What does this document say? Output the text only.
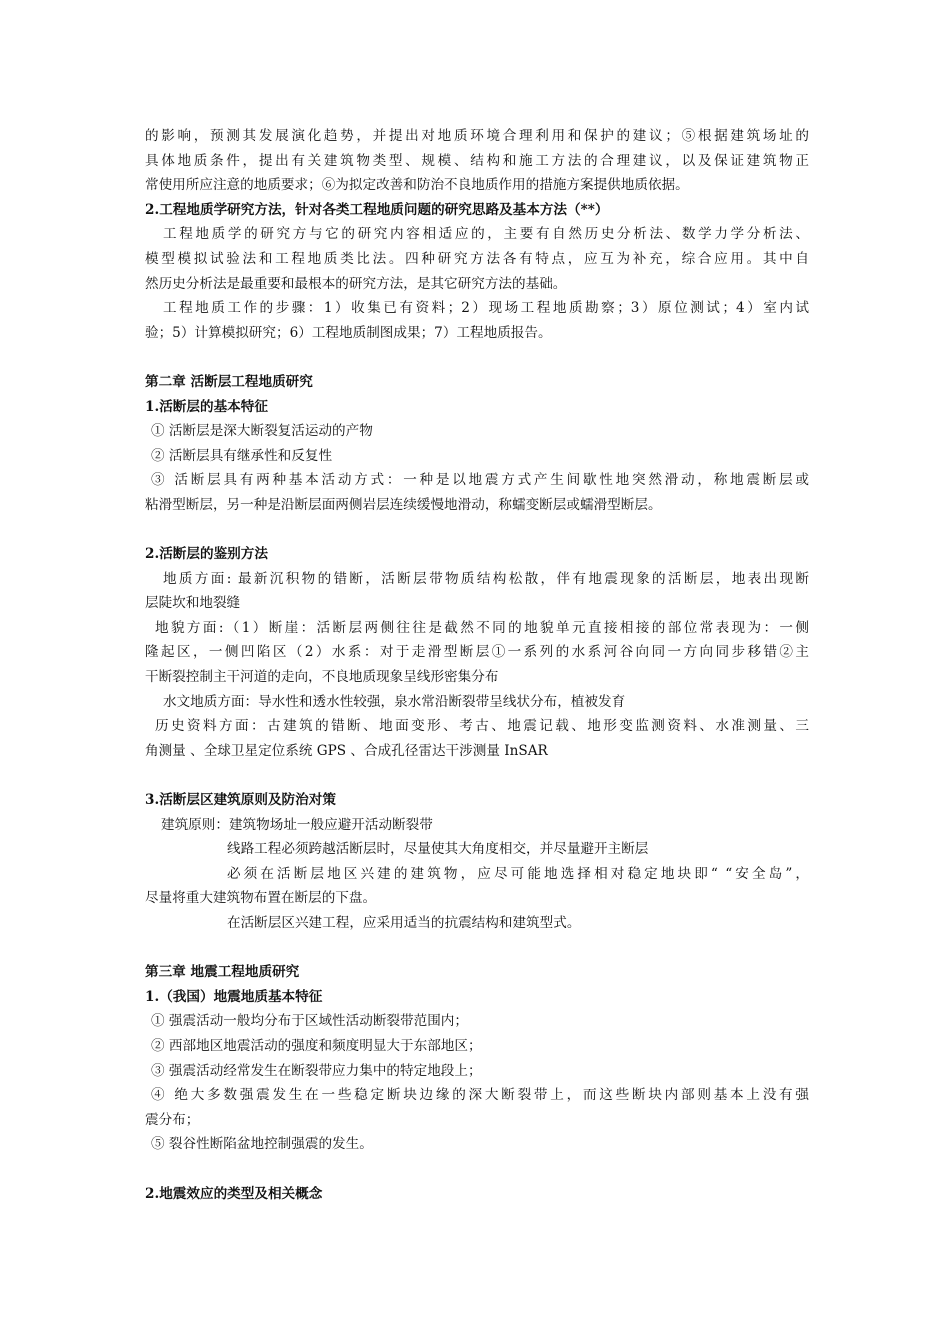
的影响，预测其发展演化趋势，并提出对地质环境合理利用和保护的建议；⑤根据建筑场址的
具体地质条件，提出有关建筑物类型、规模、结构和施工方法的合理建议，以及保证建筑物正
常使用所应注意的地质要求；⑥为拟定改善和防治不良地质作用的措施方案提供地质依据。
2.工程地质学研究方法，针对各类工程地质问题的研究思路及基本方法（**）
工程地质学的研究方与它的研究内容相适应的，主要有自然历史分析法、数学力学分析法、
模型模拟试验法和工程地质类比法。四种研究方法各有特点，应互为补充，综合应用。其中自
然历史分析法是最重要和最根本的研究方法，是其它研究方法的基础。
工程地质工作的步骤：1）收集已有资料；2）现场工程地质勘察；3）原位测试；4）室内试
验；5）计算模拟研究；6）工程地质制图成果；7）工程地质报告。
第二章 活断层工程地质研究
1.活断层的基本特征
① 活断层是深大断裂复活运动的产物
② 活断层具有继承性和反复性
③ 活断层具有两种基本活动方式：一种是以地震方式产生间歇性地突然滑动，称地震断层或
粘滑型断层，另一种是沿断层面两侧岩层连续缓慢地滑动，称蠕变断层或蠕滑型断层。
2.活断层的鉴别方法
地质方面: 最新沉积物的错断，活断层带物质结构松散，伴有地震现象的活断层，地表出现断
层陡坎和地裂缝
地貌方面:（1）断崖：活断层两侧往往是截然不同的地貌单元直接相接的部位常表现为：一侧
隆起区，一侧凹陷区（2）水系：对于走滑型断层①一系列的水系河谷向同一方向同步移错②主
干断裂控制主干河道的走向，不良地质现象呈线形密集分布
水文地质方面：导水性和透水性较强，泉水常沿断裂带呈线状分布，植被发育
历史资料方面：古建筑的错断、地面变形、考古、地震记载、地形变监测资料、水准测量、三
角测量 、全球卫星定位系统 GPS 、合成孔径雷达干涉测量 InSAR
3.活断层区建筑原则及防治对策
建筑原则：建筑物场址一般应避开活动断裂带
线路工程必须跨越活断层时，尽量使其大角度相交，并尽量避开主断层
必须在活断层地区兴建的建筑物，应尽可能地选择相对稳定地块即“ “安全岛”，
尽量将重大建筑物布置在断层的下盘。
在活断层区兴建工程，应采用适当的抗震结构和建筑型式。
第三章 地震工程地质研究
1.（我国）地震地质基本特征
① 强震活动一般均分布于区域性活动断裂带范围内；
② 西部地区地震活动的强度和频度明显大于东部地区；
③ 强震活动经常发生在断裂带应力集中的特定地段上；
④ 绝大多数强震发生在一些稳定断块边缘的深大断裂带上，而这些断块内部则基本上没有强
震分布；
⑤ 裂谷性断陷盆地控制强震的发生。
2.地震效应的类型及相关概念
